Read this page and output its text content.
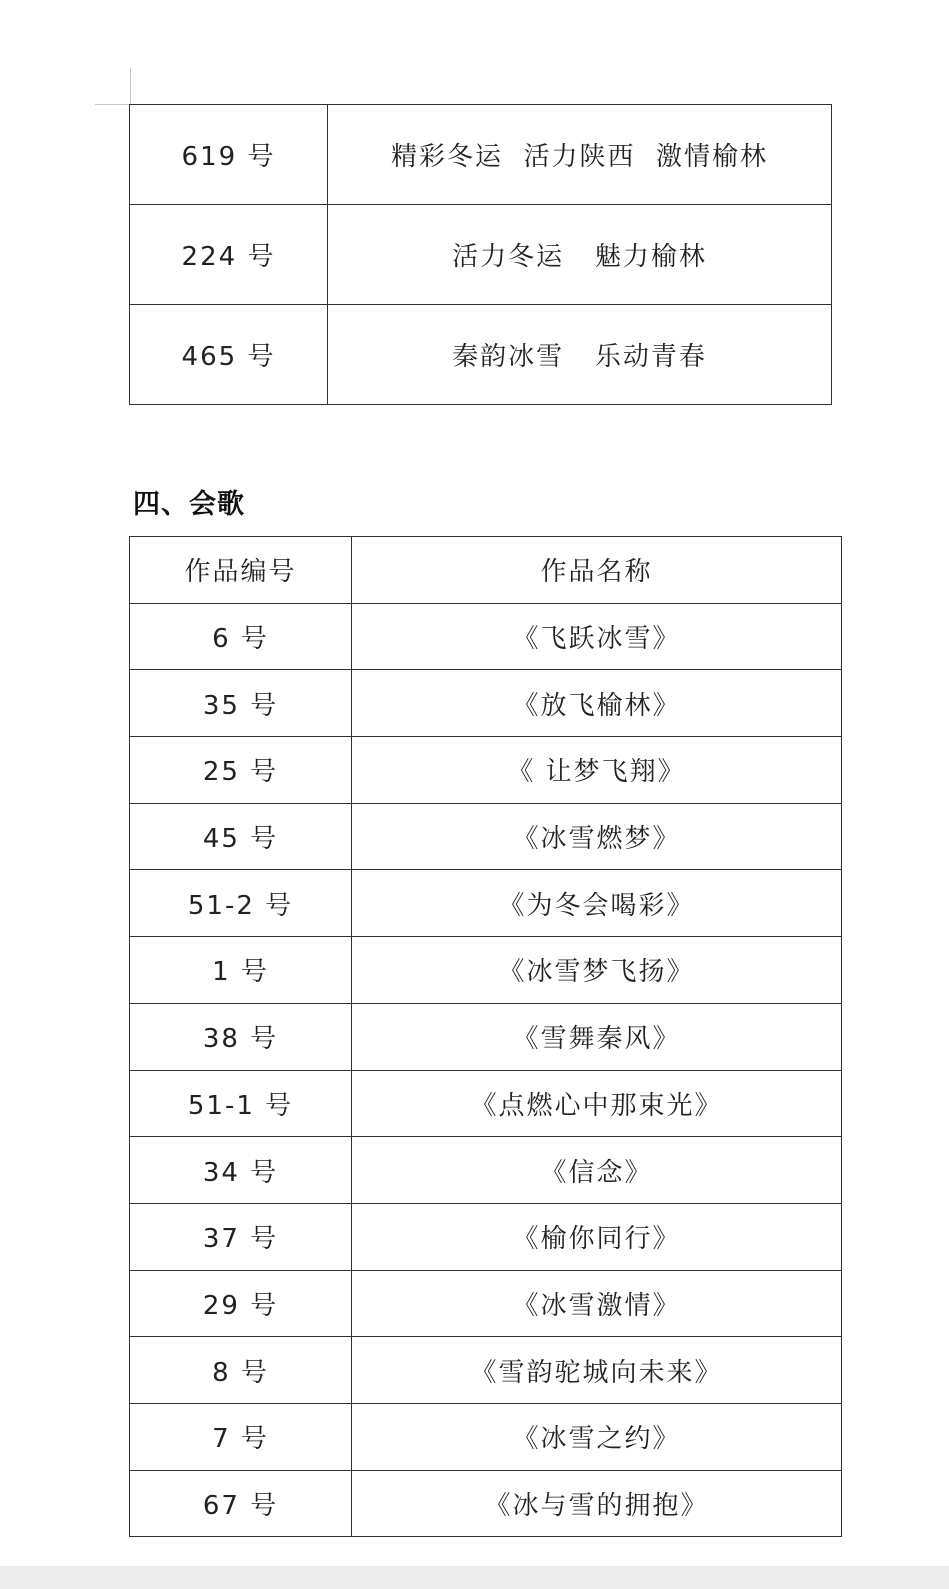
619 号	精彩冬运  活力陕西  激情榆林
224 号	活力冬运   魅力榆林
465 号	秦韵冰雪   乐动青春
四、会歌
作品编号	作品名称
6 号	《飞跃冰雪》
35 号	《放飞榆林》
25 号	《 让梦飞翔》
45 号	《冰雪燃梦》
51-2 号	《为冬会喝彩》
1 号	《冰雪梦飞扬》
38 号	《雪舞秦风》
51-1 号	《点燃心中那束光》
34 号	《信念》
37 号	《榆你同行》
29 号	《冰雪激情》
8 号	《雪韵驼城向未来》
7 号	《冰雪之约》
67 号	《冰与雪的拥抱》
